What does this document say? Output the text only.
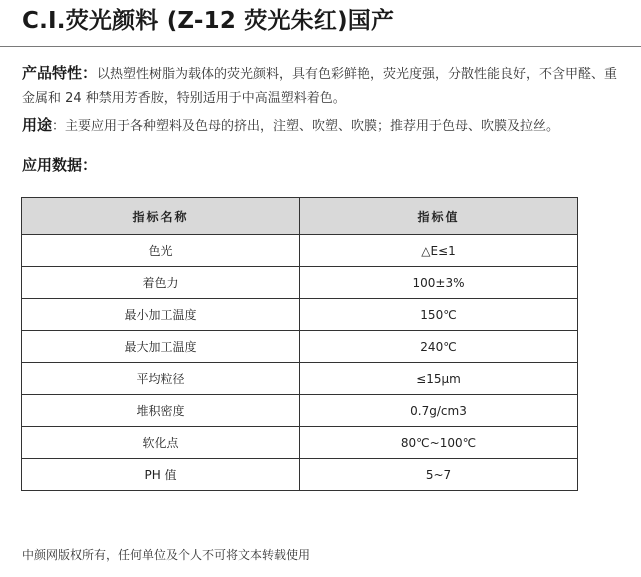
C.I.荧光颜料 (Z-12 荧光朱红)国产
产品特性：以热塑性树脂为载体的荧光颜料，具有色彩鲜艳，荧光度强，分散性能良好，不含甲醛、重金属和 24 种禁用芳香胺，特别适用于中高温塑料着色。
用途：主要应用于各种塑料及色母的挤出，注塑、吹塑、吹膜；推荐用于色母、吹膜及拉丝。
应用数据：
指标名称	指标值
色光	△E≤1
着色力	100±3%
最小加工温度	150℃
最大加工温度	240℃
平均粒径	≤15μm
堆积密度	0.7g/cm3
软化点	80℃~100℃
PH 值	5~7
中颜网版权所有，任何单位及个人不可将文本转载使用
